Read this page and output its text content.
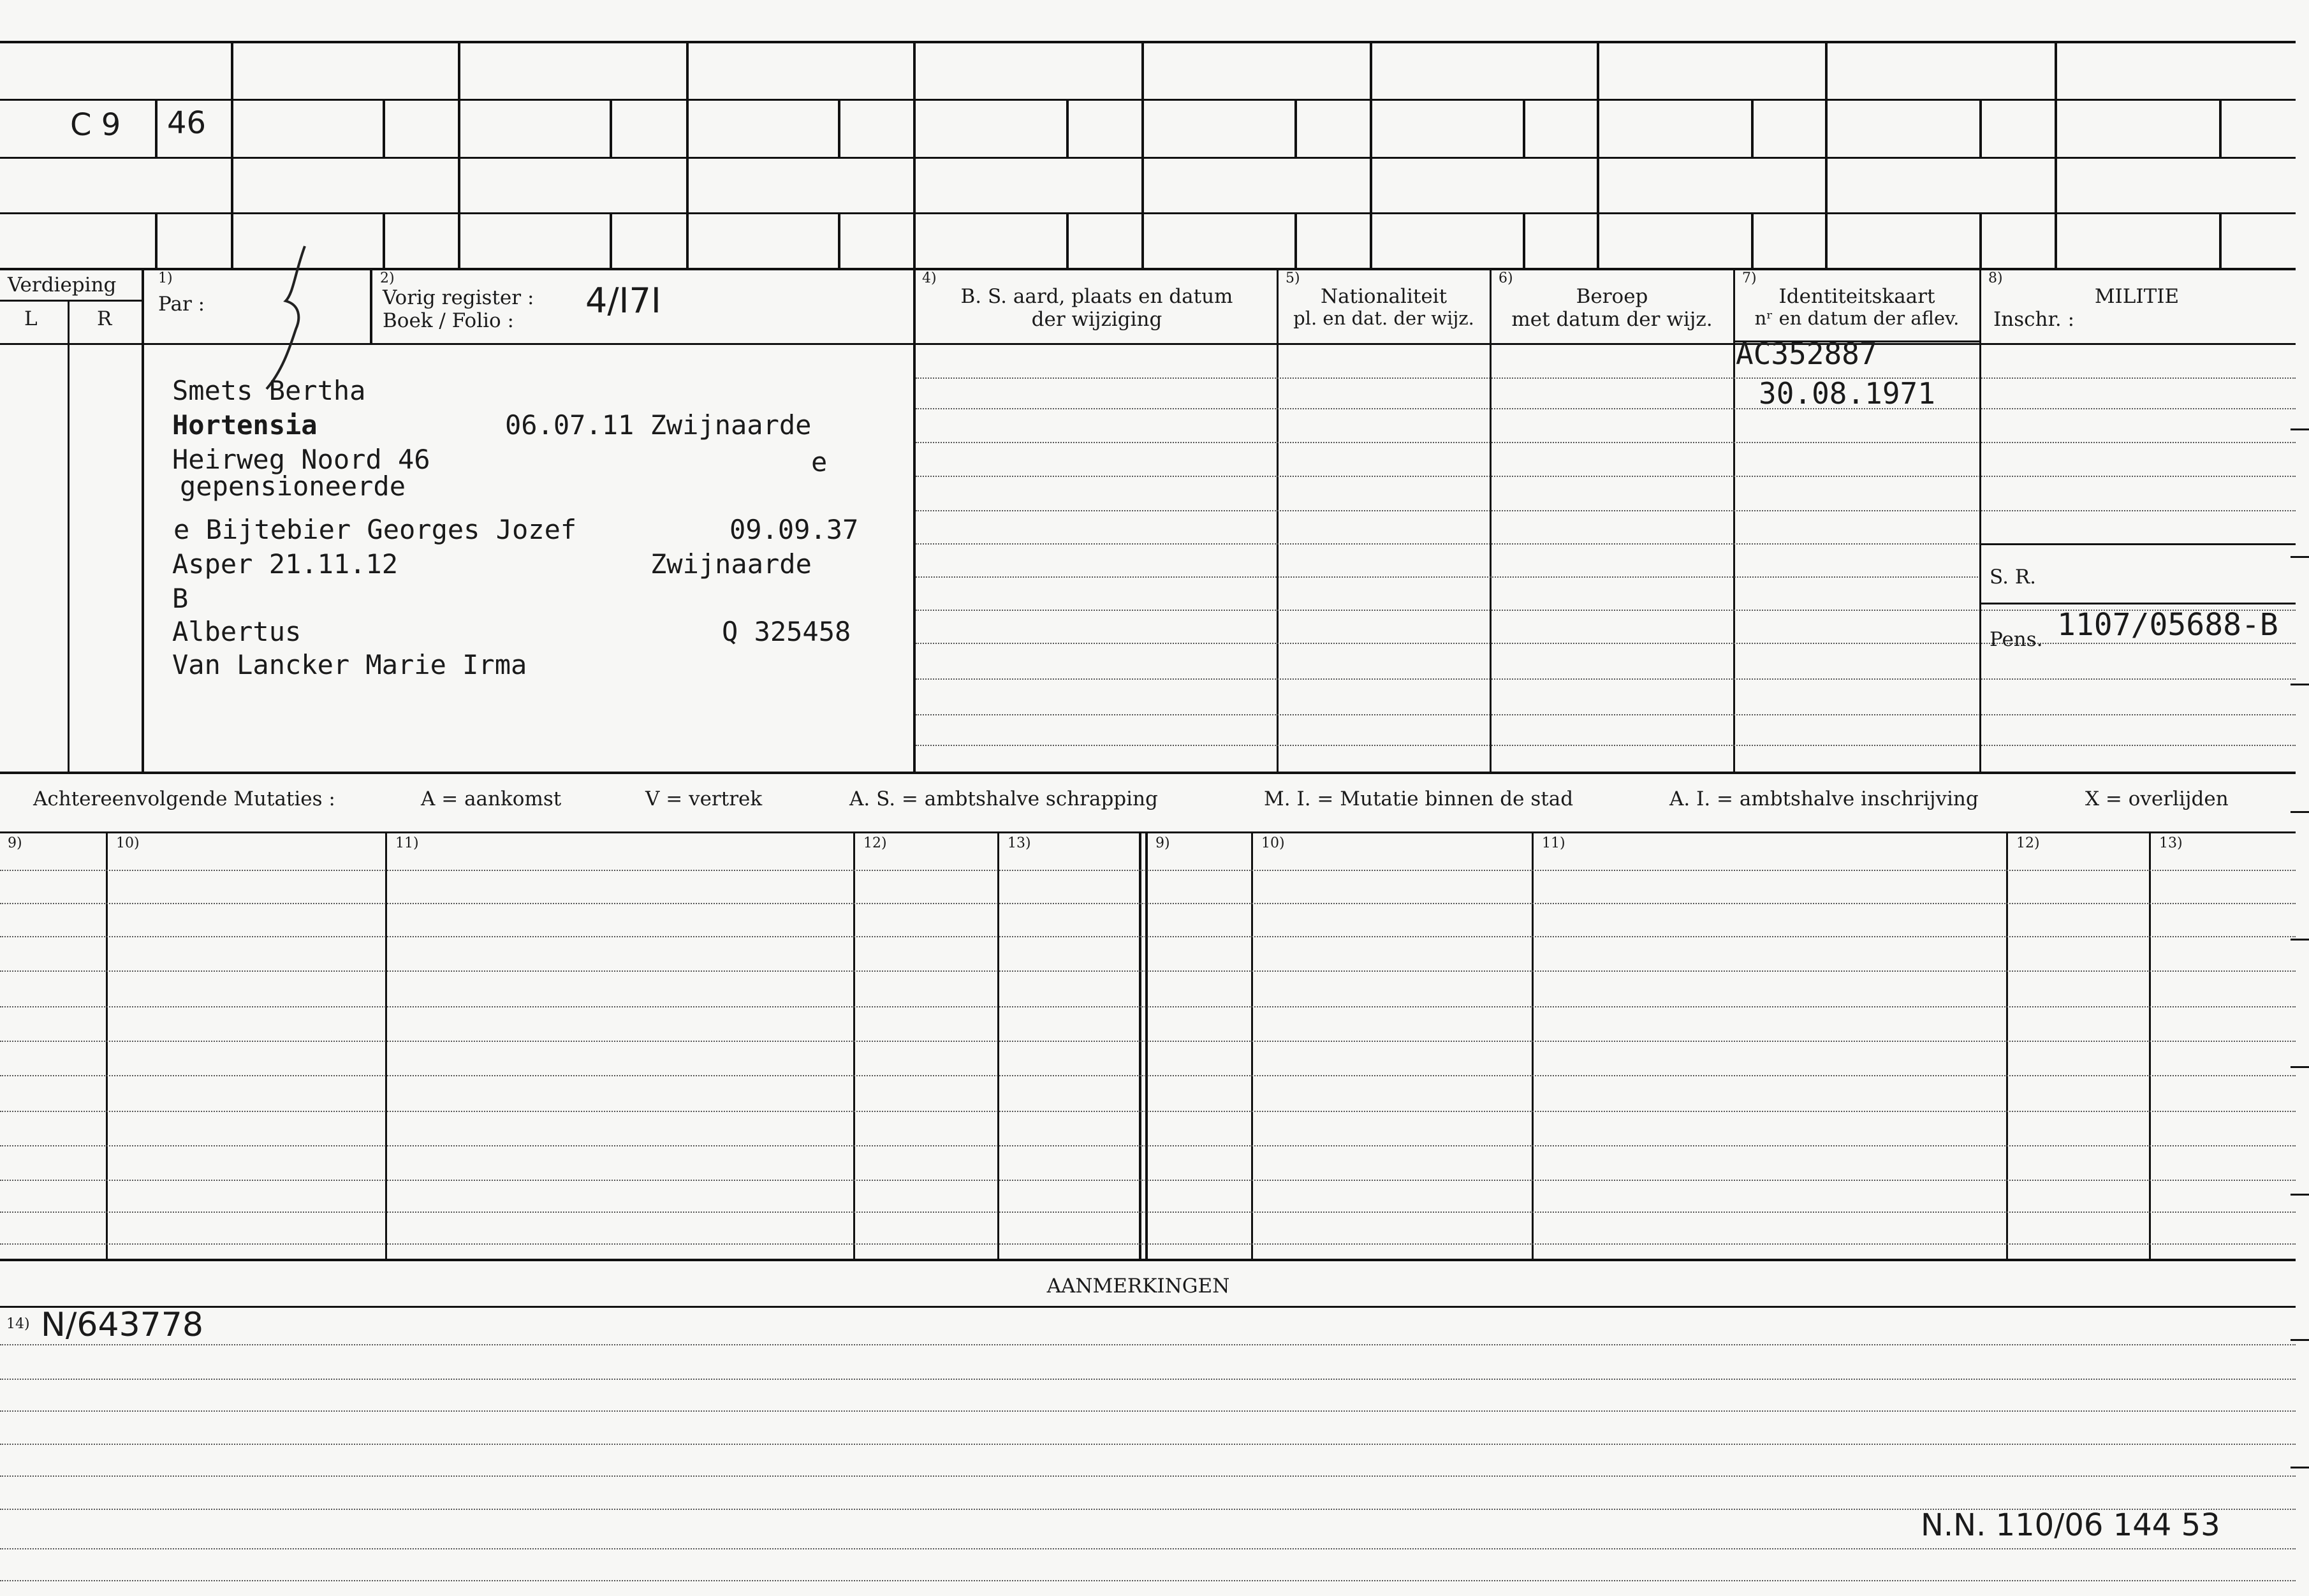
C 9 46
Verdieping
L	R
1)
Par :
2)
Vorig register :
Boek / Folio : 4/I7I
4)
B. S. aard, plaats en datum
der wijziging
5)
Nationaliteit
pl. en dat. der wijz.
6)
Beroep
met datum der wijz.
7)
Identiteitskaart
nʳ en datum der aflev.
8)
MILITIE
Inschr. :
Smets Bertha
Hortensia	06.07.11 Zwijnaarde
Heirweg Noord 46	e
gepensioneerde
e Bijtebier Georges Jozef	09.09.37
Asper 21.11.12	Zwijnaarde
B
Albertus	Q 325458
Van Lancker Marie Irma
AC352887
30.08.1971
S. R.
Pens. 1107/05688-B
Achtereenvolgende Mutaties :	A = aankomst	V = vertrek	A. S. = ambtshalve schrapping	M. I. = Mutatie binnen de stad	A. I. = ambtshalve inschrijving	X = overlijden
9)	10)	11)	12)	13)	9)	10)	11)	12)	13)
AANMERKINGEN
14) N/643778
N.N. 110/06 144 53
